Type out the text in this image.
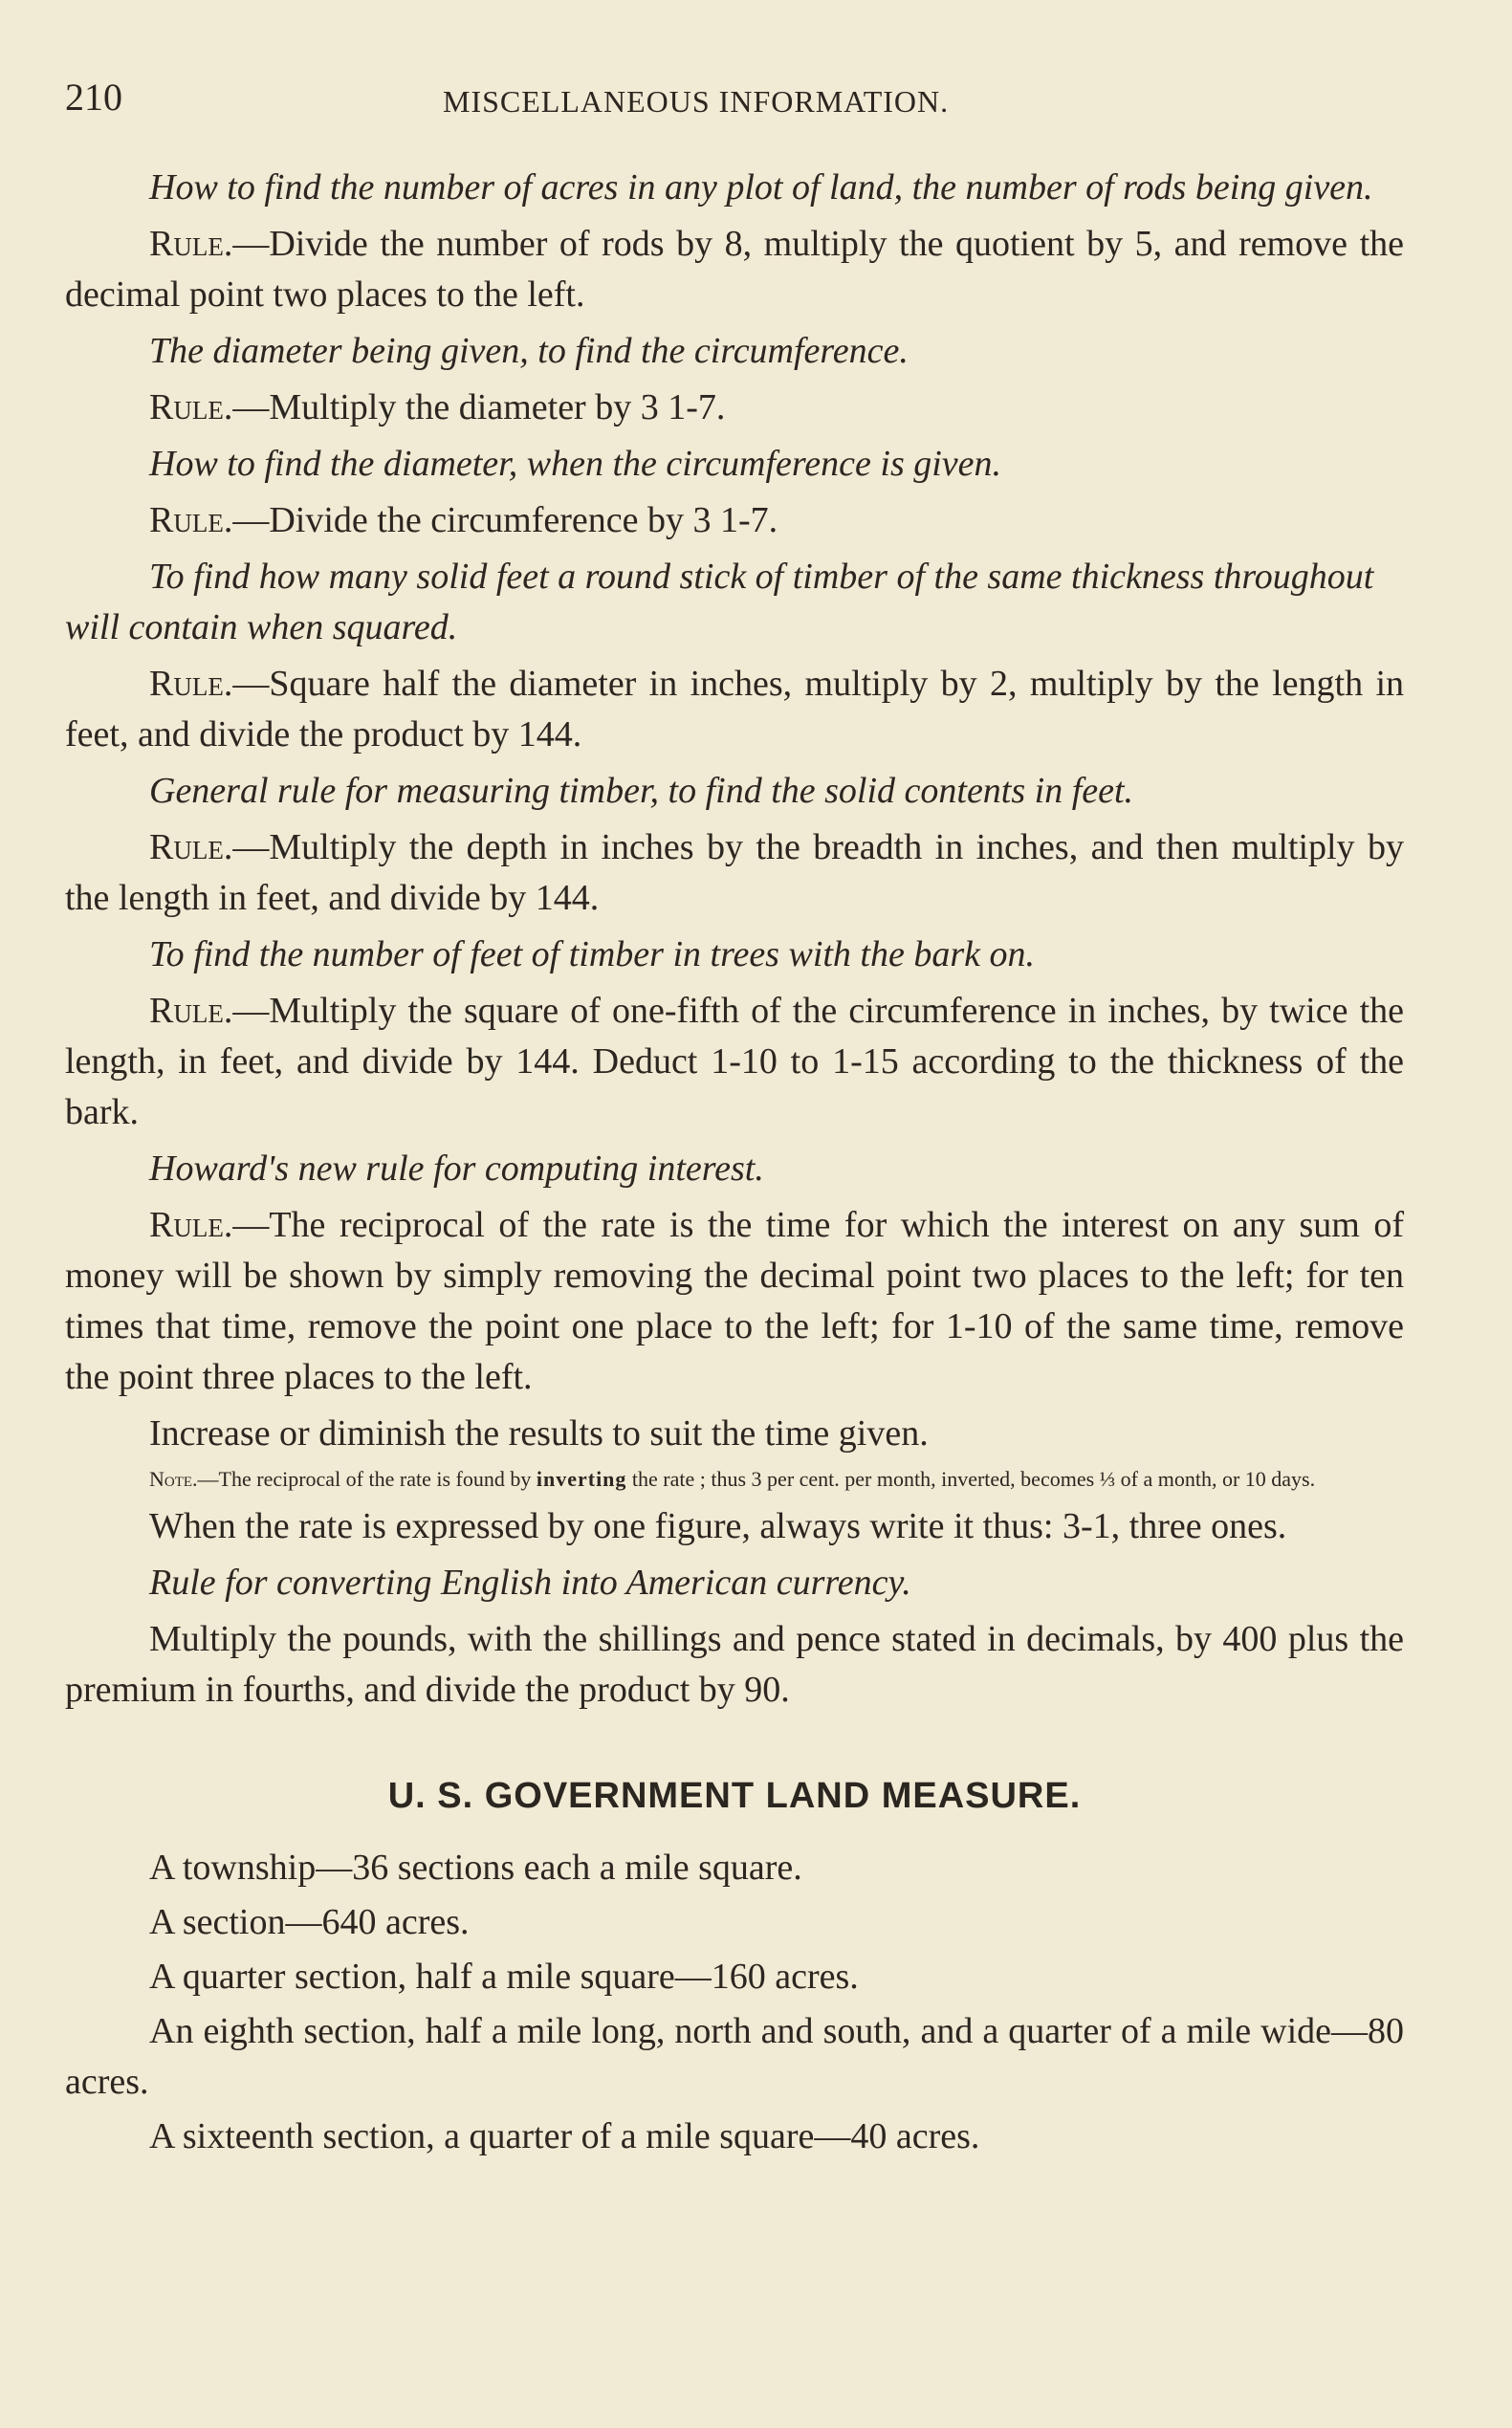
210	MISCELLANEOUS INFORMATION.

How to find the number of acres in any plot of land, the number of rods being given.

Rule.—Divide the number of rods by 8, multiply the quotient by 5, and remove the decimal point two places to the left.

The diameter being given, to find the circumference.

Rule.—Multiply the diameter by 3 1-7.

How to find the diameter, when the circumference is given.

Rule.—Divide the circumference by 3 1-7.

To find how many solid feet a round stick of timber of the same thickness throughout will contain when squared.

Rule.—Square half the diameter in inches, multiply by 2, multiply by the length in feet, and divide the product by 144.

General rule for measuring timber, to find the solid contents in feet.

Rule.—Multiply the depth in inches by the breadth in inches, and then multiply by the length in feet, and divide by 144.

To find the number of feet of timber in trees with the bark on.

Rule.—Multiply the square of one-fifth of the circumference in inches, by twice the length, in feet, and divide by 144. Deduct 1-10 to 1-15 according to the thickness of the bark.

Howard's new rule for computing interest.

Rule.—The reciprocal of the rate is the time for which the interest on any sum of money will be shown by simply removing the decimal point two places to the left; for ten times that time, remove the point one place to the left; for 1-10 of the same time, remove the point three places to the left.

Increase or diminish the results to suit the time given.

Note.—The reciprocal of the rate is found by inverting the rate ; thus 3 per cent. per month, inverted, becomes ⅓ of a month, or 10 days.

When the rate is expressed by one figure, always write it thus: 3-1, three ones.

Rule for converting English into American currency.

Multiply the pounds, with the shillings and pence stated in decimals, by 400 plus the premium in fourths, and divide the product by 90.

U. S. GOVERNMENT LAND MEASURE.

A township—36 sections each a mile square.

A section—640 acres.

A quarter section, half a mile square—160 acres.

An eighth section, half a mile long, north and south, and a quarter of a mile wide—80 acres.

A sixteenth section, a quarter of a mile square—40 acres.
